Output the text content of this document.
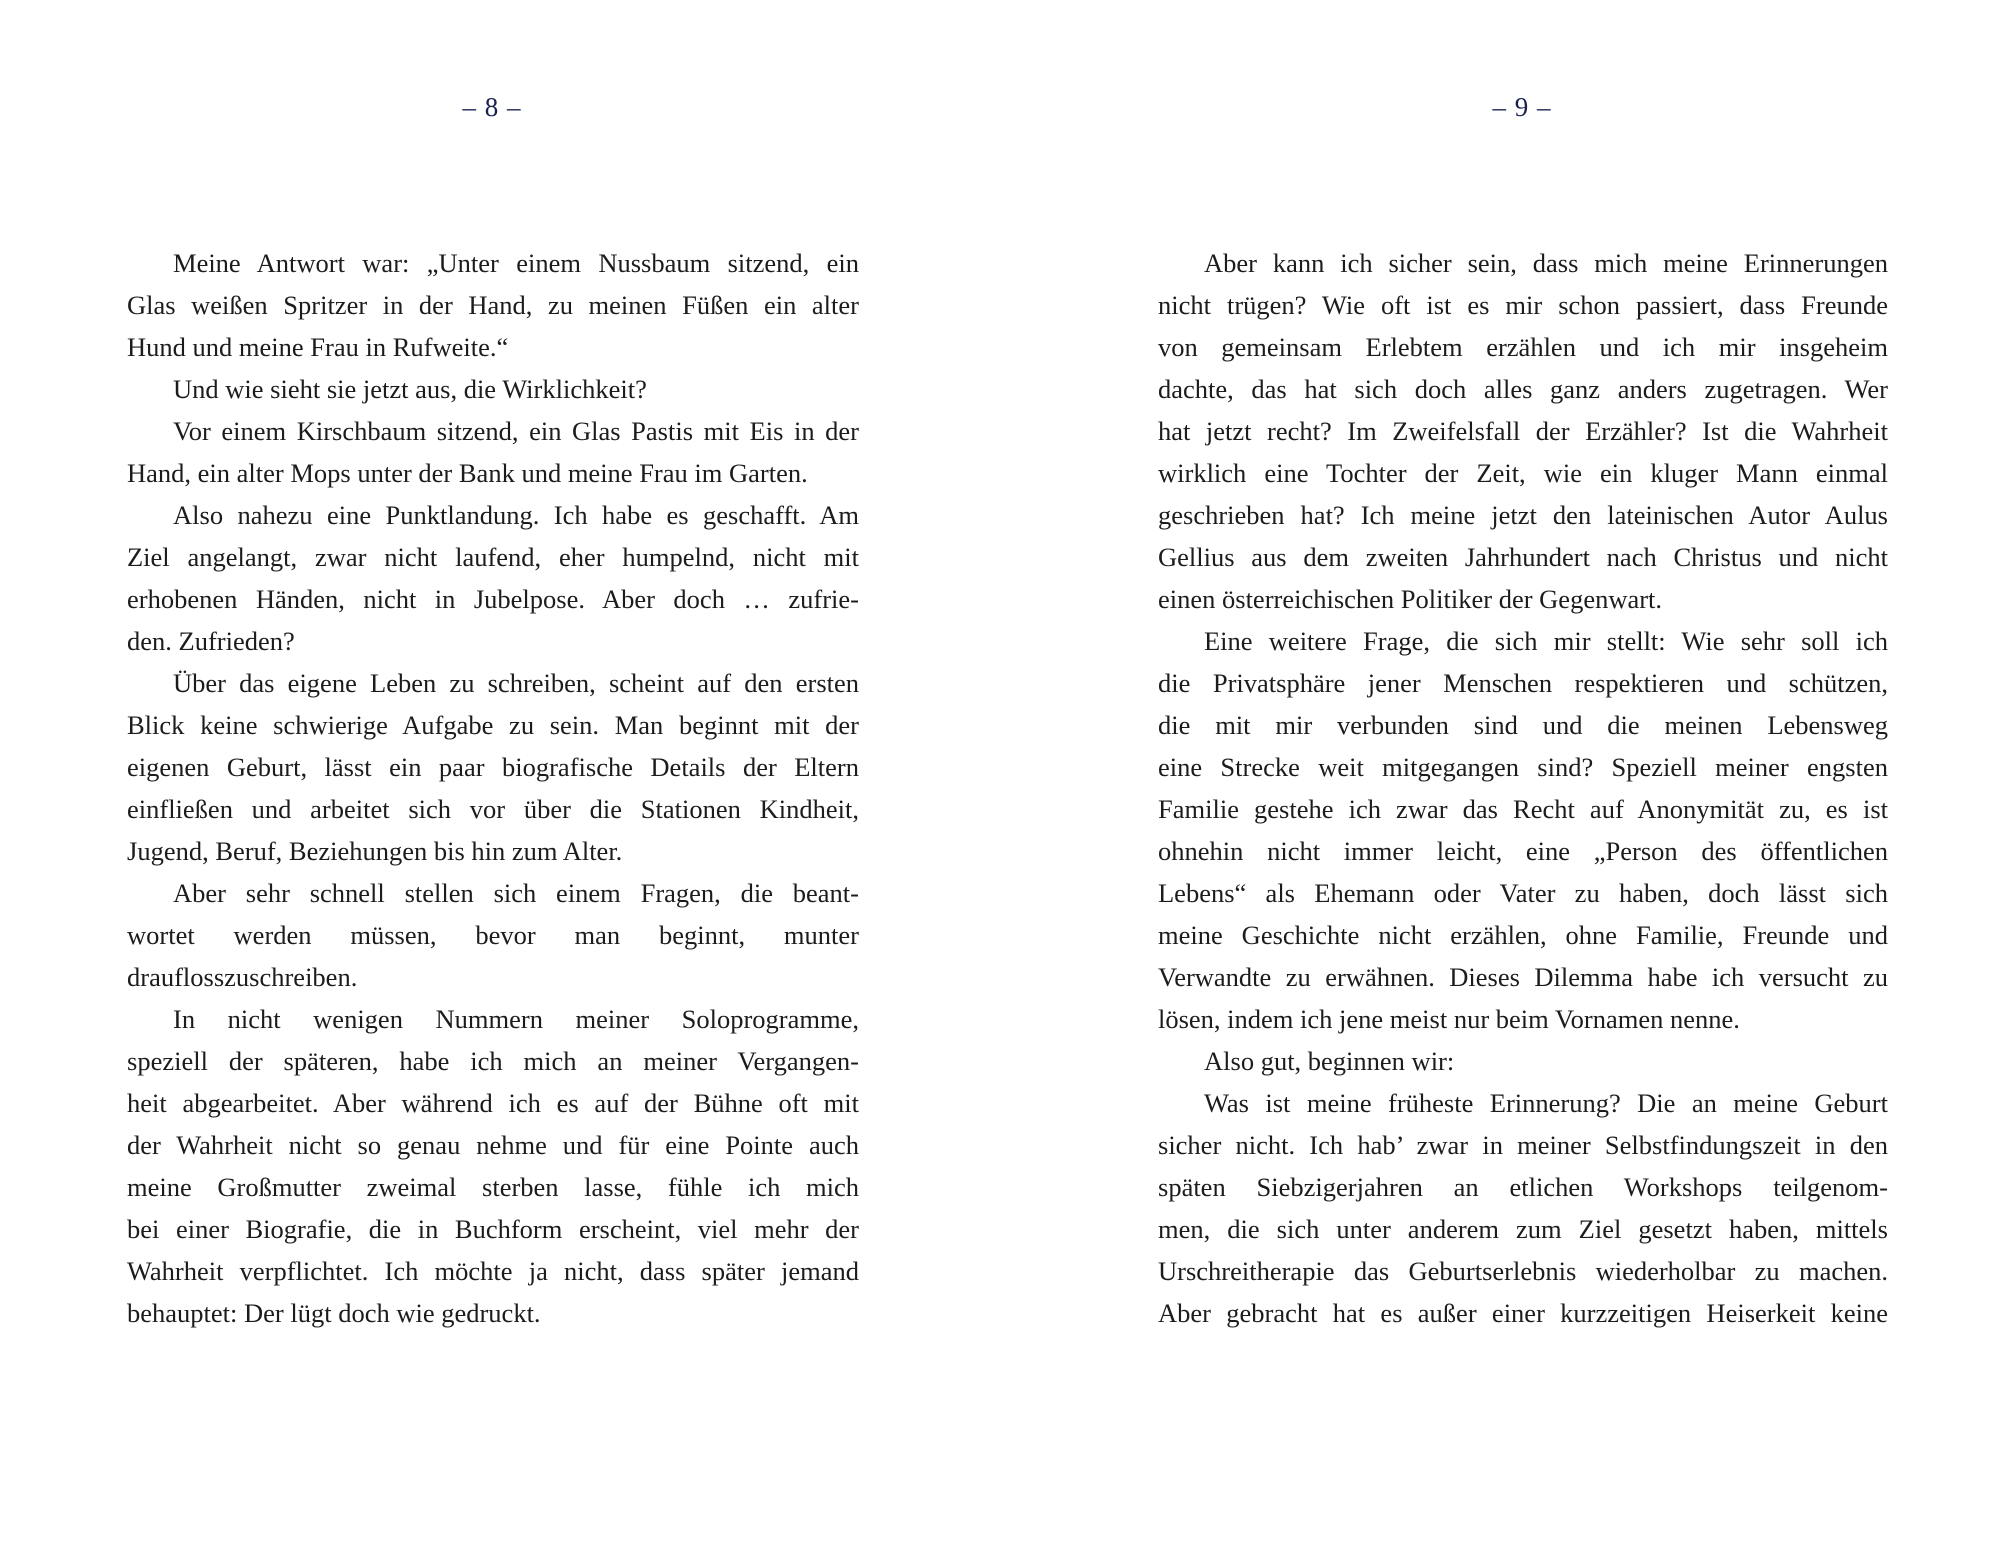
– 8 –
Meine Antwort war: „Unter einem Nussbaum sitzend, ein
Glas weißen Spritzer in der Hand, zu meinen Füßen ein alter
Hund und meine Frau in Rufweite.“
Und wie sieht sie jetzt aus, die Wirklichkeit?
Vor einem Kirschbaum sitzend, ein Glas Pastis mit Eis in der
Hand, ein alter Mops unter der Bank und meine Frau im Garten.
Also nahezu eine Punktlandung. Ich habe es geschafft. Am
Ziel angelangt, zwar nicht laufend, eher humpelnd, nicht mit
erhobenen Händen, nicht in Jubelpose. Aber doch … zufrie-
den. Zufrieden?
Über das eigene Leben zu schreiben, scheint auf den ersten
Blick keine schwierige Aufgabe zu sein. Man beginnt mit der
eigenen Geburt, lässt ein paar biografische Details der Eltern
einfließen und arbeitet sich vor über die Stationen Kindheit,
Jugend, Beruf, Beziehungen bis hin zum Alter.
Aber sehr schnell stellen sich einem Fragen, die beant-
wortet werden müssen, bevor man beginnt, munter
drauflosszuschreiben.
In nicht wenigen Nummern meiner Soloprogramme,
speziell der späteren, habe ich mich an meiner Vergangen-
heit abgearbeitet. Aber während ich es auf der Bühne oft mit
der Wahrheit nicht so genau nehme und für eine Pointe auch
meine Großmutter zweimal sterben lasse, fühle ich mich
bei einer Biografie, die in Buchform erscheint, viel mehr der
Wahrheit verpflichtet. Ich möchte ja nicht, dass später jemand
behauptet: Der lügt doch wie gedruckt.
– 9 –
Aber kann ich sicher sein, dass mich meine Erinnerungen
nicht trügen? Wie oft ist es mir schon passiert, dass Freunde
von gemeinsam Erlebtem erzählen und ich mir insgeheim
dachte, das hat sich doch alles ganz anders zugetragen. Wer
hat jetzt recht? Im Zweifelsfall der Erzähler? Ist die Wahrheit
wirklich eine Tochter der Zeit, wie ein kluger Mann einmal
geschrieben hat? Ich meine jetzt den lateinischen Autor Aulus
Gellius aus dem zweiten Jahrhundert nach Christus und nicht
einen österreichischen Politiker der Gegenwart.
Eine weitere Frage, die sich mir stellt: Wie sehr soll ich
die Privatsphäre jener Menschen respektieren und schützen,
die mit mir verbunden sind und die meinen Lebensweg
eine Strecke weit mitgegangen sind? Speziell meiner engsten
Familie gestehe ich zwar das Recht auf Anonymität zu, es ist
ohnehin nicht immer leicht, eine „Person des öffentlichen
Lebens“ als Ehemann oder Vater zu haben, doch lässt sich
meine Geschichte nicht erzählen, ohne Familie, Freunde und
Verwandte zu erwähnen. Dieses Dilemma habe ich versucht zu
lösen, indem ich jene meist nur beim Vornamen nenne.
Also gut, beginnen wir:
Was ist meine früheste Erinnerung? Die an meine Geburt
sicher nicht. Ich hab’ zwar in meiner Selbstfindungszeit in den
späten Siebzigerjahren an etlichen Workshops teilgenom-
men, die sich unter anderem zum Ziel gesetzt haben, mittels
Urschreitherapie das Geburtserlebnis wiederholbar zu machen.
Aber gebracht hat es außer einer kurzzeitigen Heiserkeit keine
